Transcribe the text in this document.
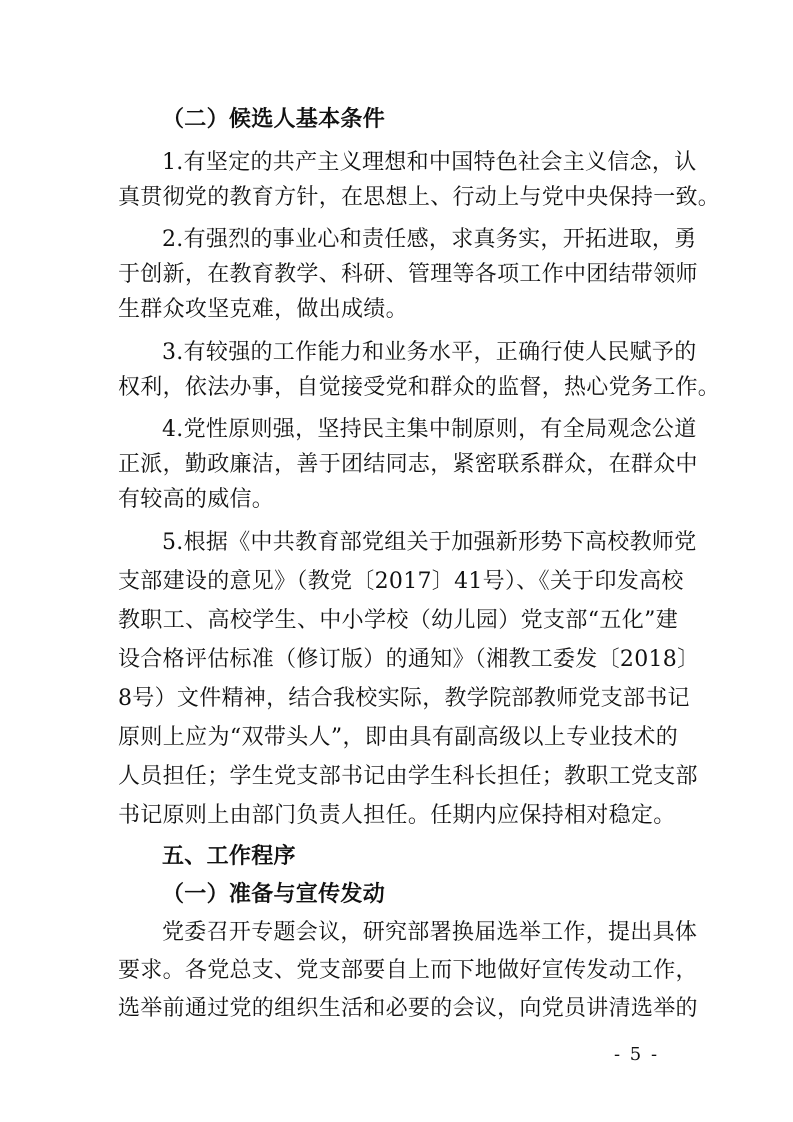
（二）候选人基本条件
1.有坚定的共产主义理想和中国特色社会主义信念，认
真贯彻党的教育方针，在思想上、行动上与党中央保持一致。
2.有强烈的事业心和责任感，求真务实，开拓进取，勇
于创新，在教育教学、科研、管理等各项工作中团结带领师
生群众攻坚克难，做出成绩。
3.有较强的工作能力和业务水平，正确行使人民赋予的
权利，依法办事，自觉接受党和群众的监督，热心党务工作。
4.党性原则强，坚持民主集中制原则，有全局观念公道
正派，勤政廉洁，善于团结同志，紧密联系群众，在群众中
有较高的威信。
5.根据《中共教育部党组关于加强新形势下高校教师党
支部建设的意见》（教党〔2017〕41号）、《关于印发高校
教职工、高校学生、中小学校（幼儿园）党支部“五化”建
设合格评估标准（修订版）的通知》（湘教工委发〔2018〕
8号）文件精神，结合我校实际，教学院部教师党支部书记
原则上应为“双带头人”，即由具有副高级以上专业技术的
人员担任；学生党支部书记由学生科长担任；教职工党支部
书记原则上由部门负责人担任。任期内应保持相对稳定。
五、工作程序
（一）准备与宣传发动
党委召开专题会议，研究部署换届选举工作，提出具体
要求。各党总支、党支部要自上而下地做好宣传发动工作，
选举前通过党的组织生活和必要的会议，向党员讲清选举的
- 5 -
